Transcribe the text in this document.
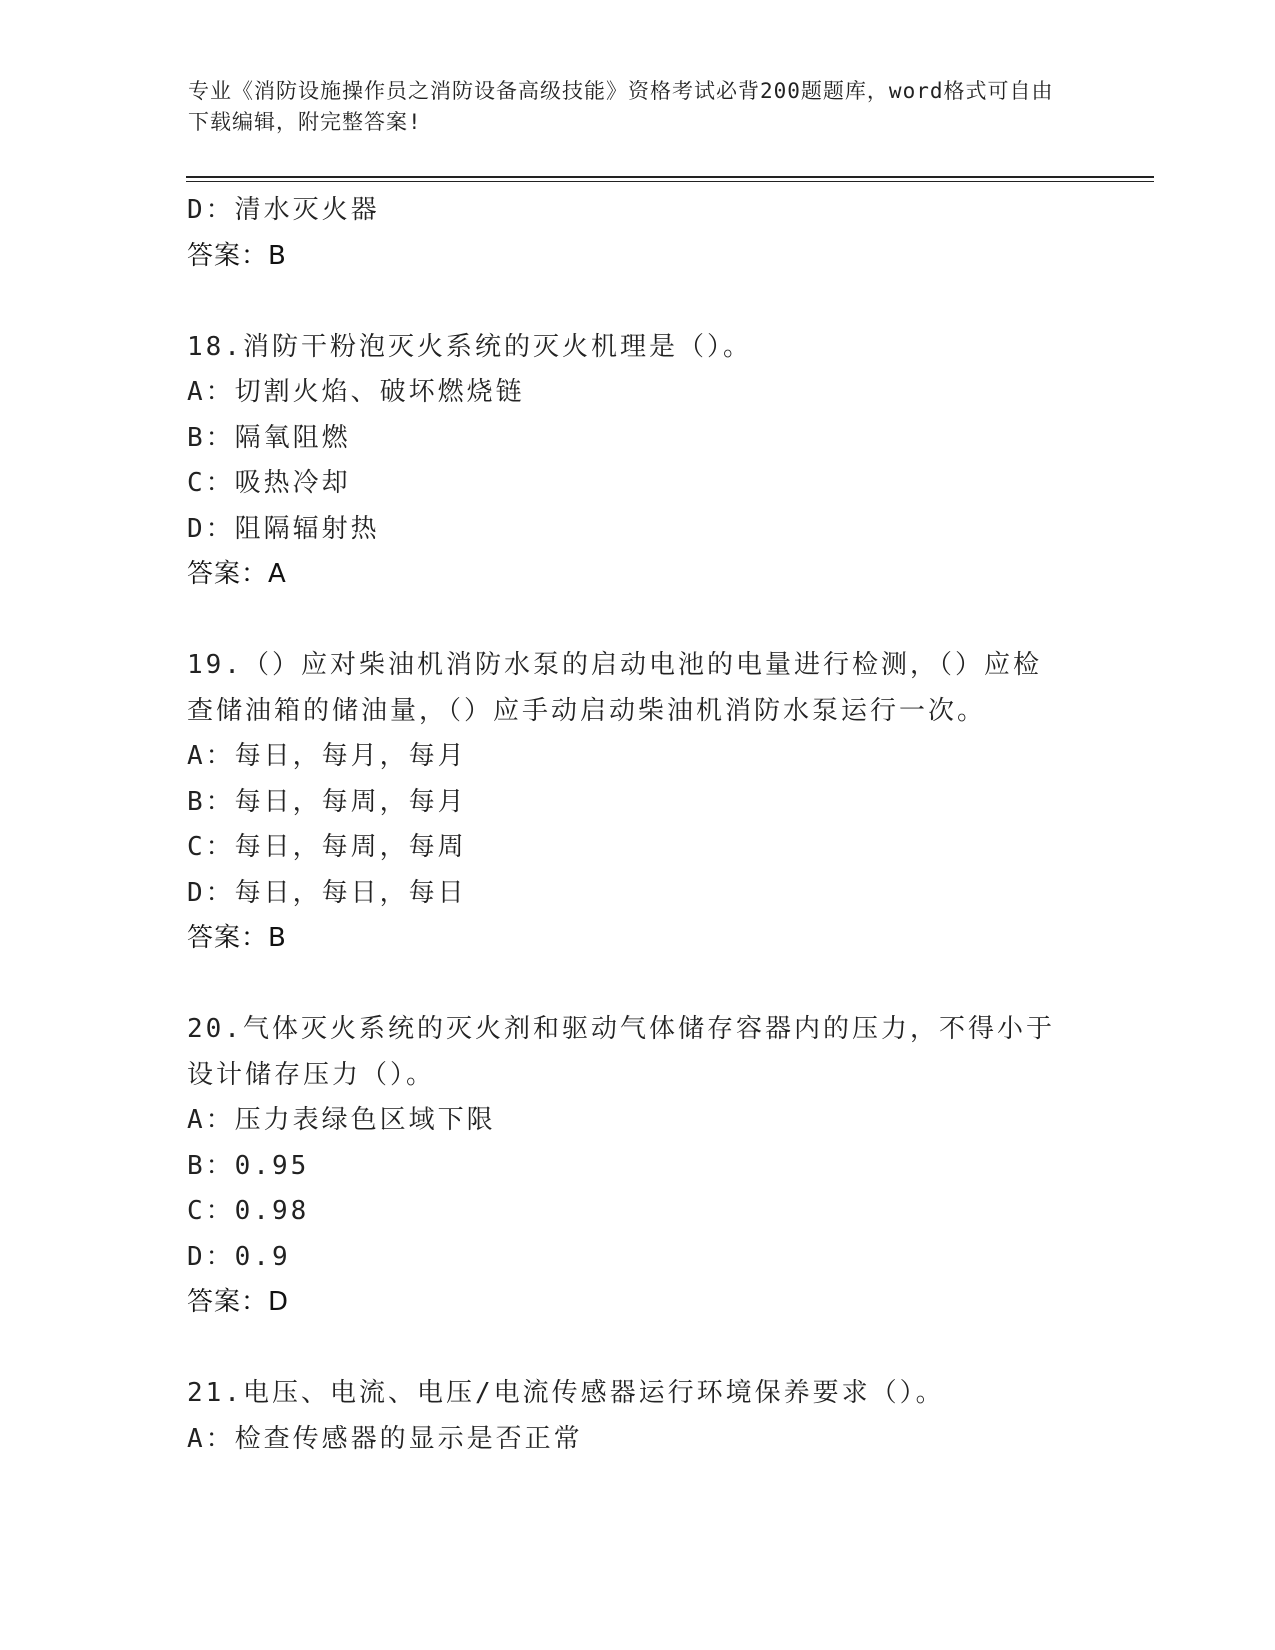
专业《消防设施操作员之消防设备高级技能》资格考试必背200题题库，word格式可自由下载编辑，附完整答案!
D：清水灭火器
答案：B
18.消防干粉泡灭火系统的灭火机理是（）。
A：切割火焰、破坏燃烧链
B：隔氧阻燃
C：吸热冷却
D：阻隔辐射热
答案：A
19.（）应对柴油机消防水泵的启动电池的电量进行检测，（）应检查储油箱的储油量，（）应手动启动柴油机消防水泵运行一次。
A：每日，每月，每月
B：每日，每周，每月
C：每日，每周，每周
D：每日，每日，每日
答案：B
20.气体灭火系统的灭火剂和驱动气体储存容器内的压力，不得小于设计储存压力（）。
A：压力表绿色区域下限
B：0.95
C：0.98
D：0.9
答案：D
21.电压、电流、电压/电流传感器运行环境保养要求（）。
A：检查传感器的显示是否正常
